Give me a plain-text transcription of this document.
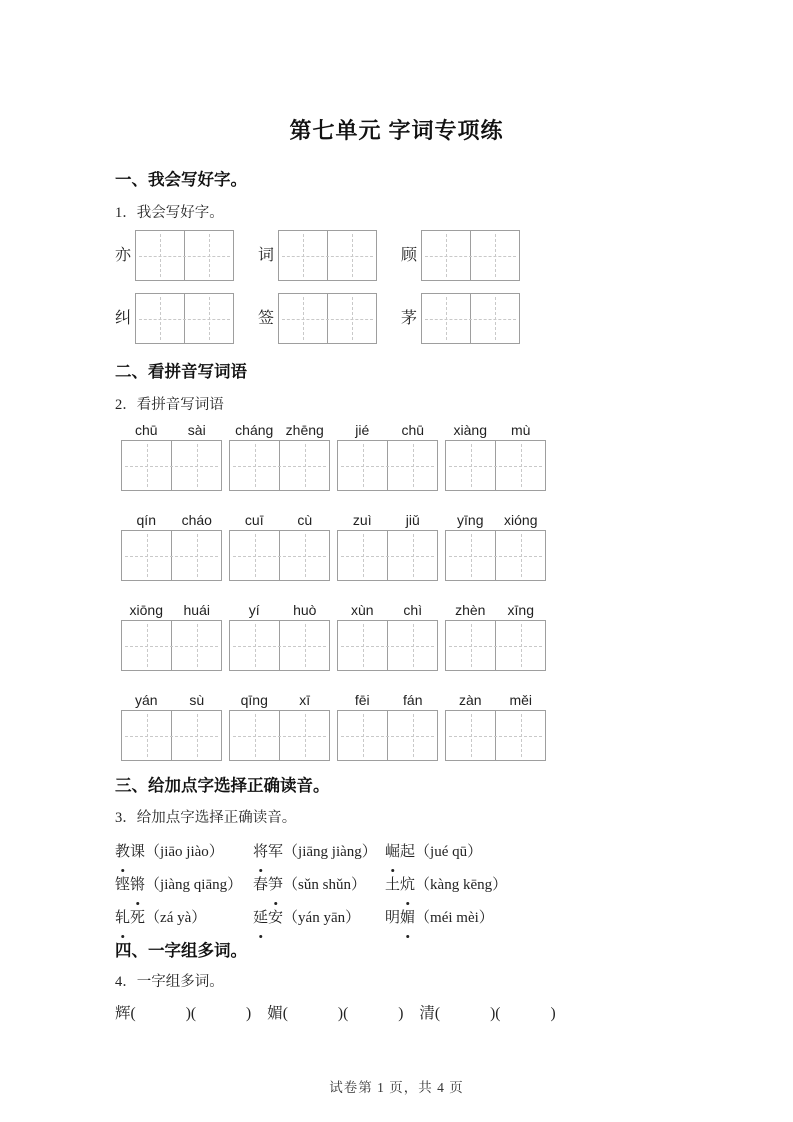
第七单元 字词专项练
一、我会写好字。

1．我会写好字。

亦	词	顾
纠	签	茅
二、看拼音写词语

2．看拼音写词语

chū	sài	cháng zhēng	jié	chū	xiàng	mù
qín	cháo	cuī	cù	zuì	jiǔ	yīng	xióng
xiōng	huái	yí	huò	xùn	chì	zhèn	xīng
yán	sù	qīng	xī	fēi	fán	zàn	měi
三、给加点字选择正确读音。

3．给加点字选择正确读音。

教课（jiāo jiào）	将军（jiāng jiàng） 崛起（jué qū）
铿锵（jiàng qiāng） 春笋（sǔn shǔn）	土炕（kàng kēng）
轧死（zá yà）	延安（yán yān）	明媚（méi mèi）
四、一字组多词。

4．一字组多词。

辉(	)(	) 媚(	)(	) 清(	)(	)
试卷第 1 页，共 4 页
